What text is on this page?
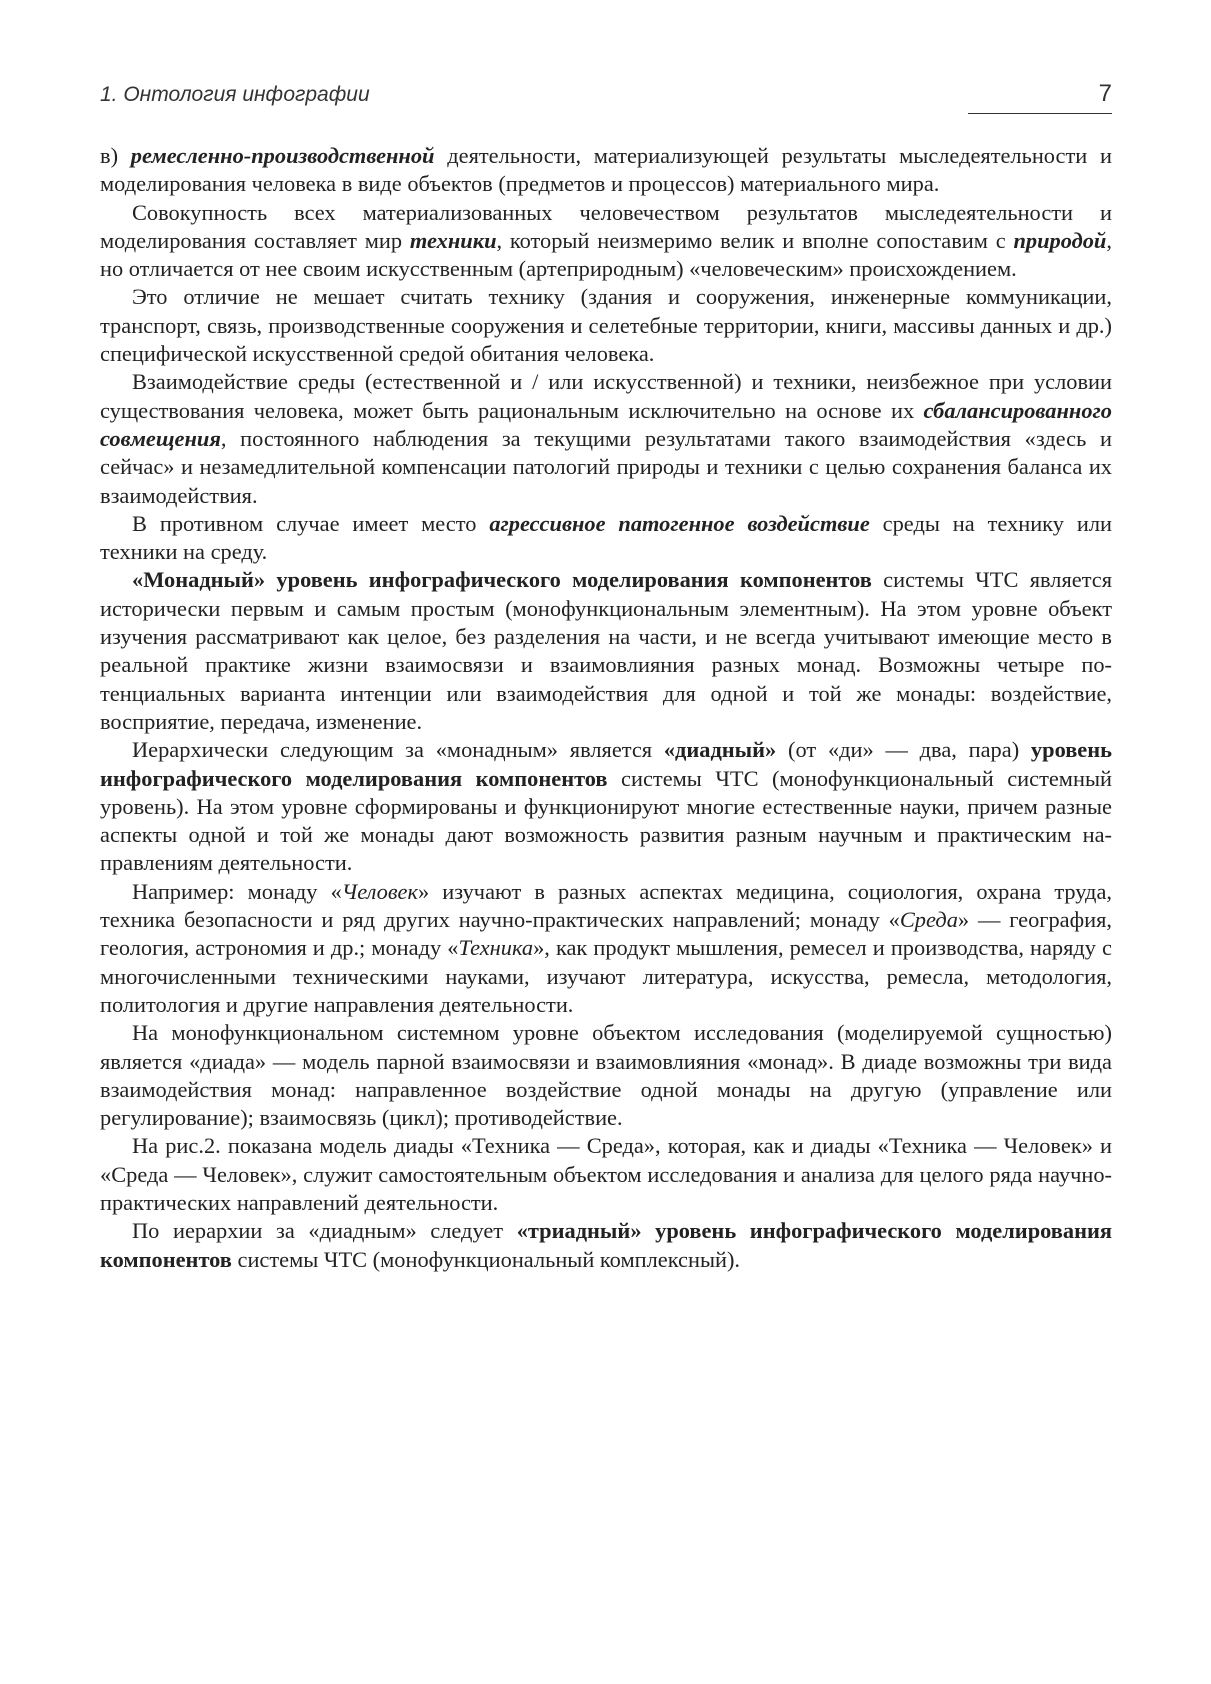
1. Онтология инфографии	7

в) ремесленно-производственной деятельности, материализующей результаты мыследеятельности и моделирования человека в виде объектов (предметов и процессов) материального мира.

Совокупность всех материализованных человечеством результатов мыследеятельности и моделирования составляет мир техники, который неизмеримо велик и вполне сопоставим с природой, но отличается от нее своим искусственным (артеприродным) «человеческим» происхождением.

Это отличие не мешает считать технику (здания и сооружения, инженерные коммуникации, транспорт, связь, производственные сооружения и селетебные территории, книги, массивы данных и др.) специфической искусственной средой обитания человека.

Взаимодействие среды (естественной и / или искусственной) и техники, неизбежное при условии существования человека, может быть рациональным исключительно на основе их сбалансированного совмещения, постоянного наблюдения за текущими результатами такого взаимодействия «здесь и сейчас» и незамедлительной компенсации патологий природы и техники с целью сохранения баланса их взаимодействия.

В противном случае имеет место агрессивное патогенное воздействие среды на технику или техники на среду.

«Монадный» уровень инфографического моделирования компонентов системы ЧТС является исторически первым и самым простым (монофункциональным элементным). На этом уровне объект изучения рассматривают как целое, без разделения на части, и не всегда учитывают имеющие место в реальной практике жизни взаимосвязи и взаимовлияния разных монад. Возможны четыре потенциальных варианта интенции или взаимодействия для одной и той же монады: воздействие, восприятие, передача, изменение.

Иерархически следующим за «монадным» является «диадный» (от «ди» — два, пара) уровень инфографического моделирования компонентов системы ЧТС (монофункциональный системный уровень). На этом уровне сформированы и функционируют многие естественные науки, причем разные аспекты одной и той же монады дают возможность развития разным научным и практическим направлениям деятельности.

Например: монаду «Человек» изучают в разных аспектах медицина, социология, охрана труда, техника безопасности и ряд других научно-практических направлений; монаду «Среда» — география, геология, астрономия и др.; монаду «Техника», как продукт мышления, ремесел и производства, наряду с многочисленными техническими науками, изучают литература, искусства, ремесла, методология, политология и другие направления деятельности.

На монофункциональном системном уровне объектом исследования (моделируемой сущностью) является «диада» — модель парной взаимосвязи и взаимовлияния «монад». В диаде возможны три вида взаимодействия монад: направленное воздействие одной монады на другую (управление или регулирование); взаимосвязь (цикл); противодействие.

На рис.2. показана модель диады «Техника — Среда», которая, как и диады «Техника — Человек» и «Среда — Человек», служит самостоятельным объектом исследования и анализа для целого ряда научно-практических направлений деятельности.

По иерархии за «диадным» следует «триадный» уровень инфографического моделирования компонентов системы ЧТС (монофункциональный комплексный).
